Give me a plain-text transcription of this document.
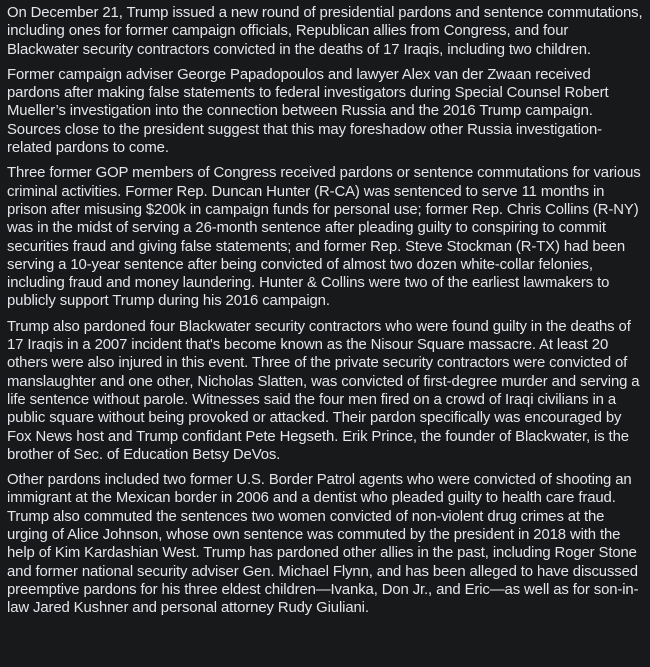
On December 21, Trump issued a new round of presidential pardons and sentence commutations, including ones for former campaign officials, Republican allies from Congress, and four Blackwater security contractors convicted in the deaths of 17 Iraqis, including two children.

Former campaign adviser George Papadopoulos and lawyer Alex van der Zwaan received pardons after making false statements to federal investigators during Special Counsel Robert Mueller’s investigation into the connection between Russia and the 2016 Trump campaign. Sources close to the president suggest that this may foreshadow other Russia investigation-related pardons to come.

Three former GOP members of Congress received pardons or sentence commutations for various criminal activities. Former Rep. Duncan Hunter (R-CA) was sentenced to serve 11 months in prison after misusing $200k in campaign funds for personal use; former Rep. Chris Collins (R-NY) was in the midst of serving a 26-month sentence after pleading guilty to conspiring to commit securities fraud and giving false statements; and former Rep. Steve Stockman (R-TX) had been serving a 10-year sentence after being convicted of almost two dozen white-collar felonies, including fraud and money laundering. Hunter & Collins were two of the earliest lawmakers to publicly support Trump during his 2016 campaign.

Trump also pardoned four Blackwater security contractors who were found guilty in the deaths of 17 Iraqis in a 2007 incident that's become known as the Nisour Square massacre. At least 20 others were also injured in this event. Three of the private security contractors were convicted of manslaughter and one other, Nicholas Slatten, was convicted of first-degree murder and serving a life sentence without parole. Witnesses said the four men fired on a crowd of Iraqi civilians in a public square without being provoked or attacked. Their pardon specifically was encouraged by Fox News host and Trump confidant Pete Hegseth. Erik Prince, the founder of Blackwater, is the brother of Sec. of Education Betsy DeVos.

Other pardons included two former U.S. Border Patrol agents who were convicted of shooting an immigrant at the Mexican border in 2006 and a dentist who pleaded guilty to health care fraud. Trump also commuted the sentences two women convicted of non-violent drug crimes at the urging of Alice Johnson, whose own sentence was commuted by the president in 2018 with the help of Kim Kardashian West. Trump has pardoned other allies in the past, including Roger Stone and former national security adviser Gen. Michael Flynn, and has been alleged to have discussed preemptive pardons for his three eldest children—Ivanka, Don Jr., and Eric—as well as for son-in-law Jared Kushner and personal attorney Rudy Giuliani.
